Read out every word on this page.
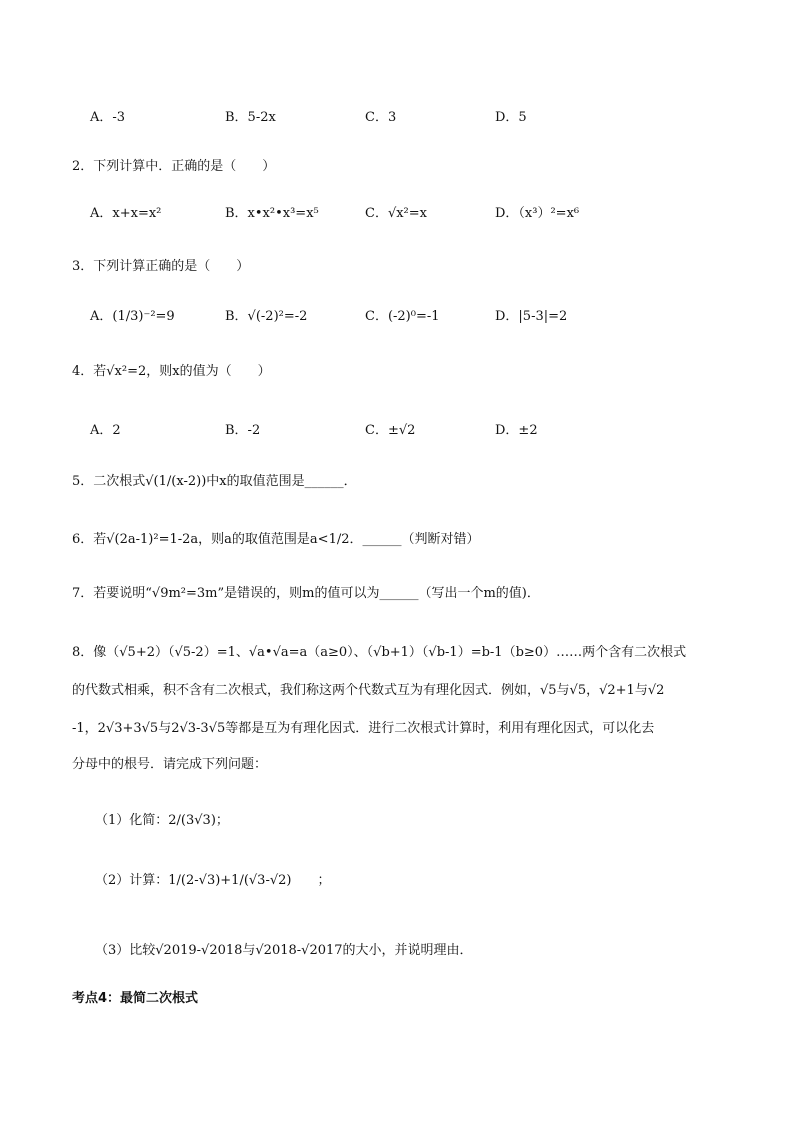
A．-3	B．5-2x	C．3	D．5
2．下列计算中．正确的是（　　）
A．x+x=x²	B．x•x²•x³=x⁵	C．√x²=x	D．（x³）²=x⁶
3．下列计算正确的是（　　）
A．(1/3)⁻²=9	B．√(-2)²=-2	C．(-2)⁰=-1	D．|5-3|=2
4．若√x²=2，则x的值为（　　）
A．2	B．-2	C．±√2	D．±2
5．二次根式√(1/(x-2))中x的取值范围是______．
6．若√(2a-1)²=1-2a，则a的取值范围是a<1/2．______（判断对错）
7．若要说明“√9m²=3m”是错误的，则m的值可以为______（写出一个m的值)．
8．像（√5+2）（√5-2）=1、√a•√a=a（a≥0）、（√b+1）（√b-1）=b-1（b≥0）……两个含有二次根式
的代数式相乘，积不含有二次根式，我们称这两个代数式互为有理化因式．例如，√5与√5，√2+1与√2
-1，2√3+3√5与2√3-3√5等都是互为有理化因式．进行二次根式计算时，利用有理化因式，可以化去
分母中的根号．请完成下列问题：
（1）化简：2/(3√3)；
（2）计算：1/(2-√3)+1/(√3-√2)　　；
（3）比较√2019-√2018与√2018-√2017的大小，并说明理由．
考点4：最简二次根式
